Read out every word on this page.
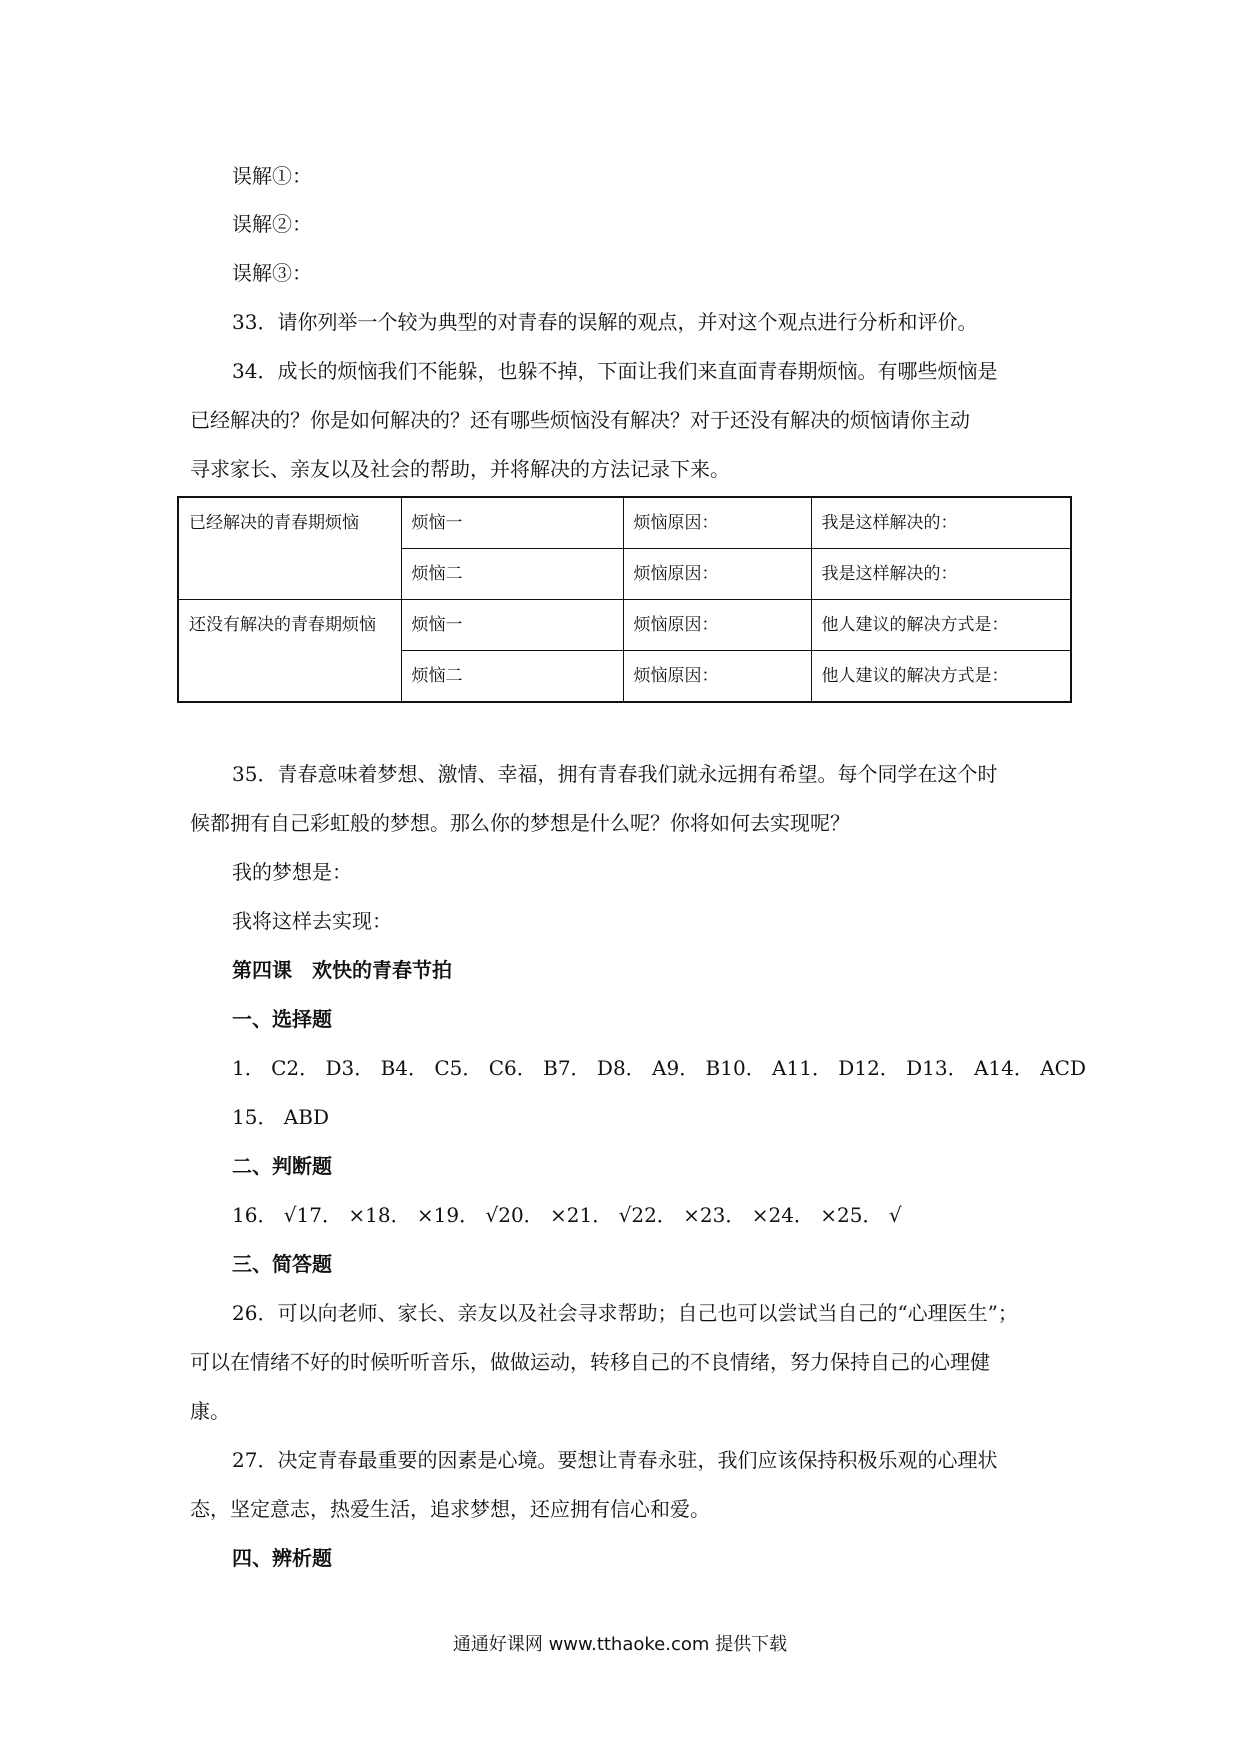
误解①：
误解②：
误解③：
33．请你列举一个较为典型的对青春的误解的观点，并对这个观点进行分析和评价。
34．成长的烦恼我们不能躲，也躲不掉，下面让我们来直面青春期烦恼。有哪些烦恼是
已经解决的？你是如何解决的？还有哪些烦恼没有解决？对于还没有解决的烦恼请你主动
寻求家长、亲友以及社会的帮助，并将解决的方法记录下来。
已经解决的青春期烦恼	烦恼一	烦恼原因：	我是这样解决的：
	烦恼二	烦恼原因：	我是这样解决的：
还没有解决的青春期烦恼	烦恼一	烦恼原因：	他人建议的解决方式是：
	烦恼二	烦恼原因：	他人建议的解决方式是：
35．青春意味着梦想、激情、幸福，拥有青春我们就永远拥有希望。每个同学在这个时
候都拥有自己彩虹般的梦想。那么你的梦想是什么呢？你将如何去实现呢？
我的梦想是：
我将这样去实现：
第四课　欢快的青春节拍
一、选择题
1． C2． D3． B4． C5． C6． B7． D8． A9． B10． A11． D12． D13． A14． ACD
15． ABD
二、判断题
16． √17． ×18． ×19． √20． ×21． √22． ×23． ×24． ×25． √
三、简答题
26．可以向老师、家长、亲友以及社会寻求帮助；自己也可以尝试当自己的“心理医生”；
可以在情绪不好的时候听听音乐，做做运动，转移自己的不良情绪，努力保持自己的心理健
康。
27．决定青春最重要的因素是心境。要想让青春永驻，我们应该保持积极乐观的心理状
态，坚定意志，热爱生活，追求梦想，还应拥有信心和爱。
四、辨析题
通通好课网 www.tthaoke.com 提供下载
